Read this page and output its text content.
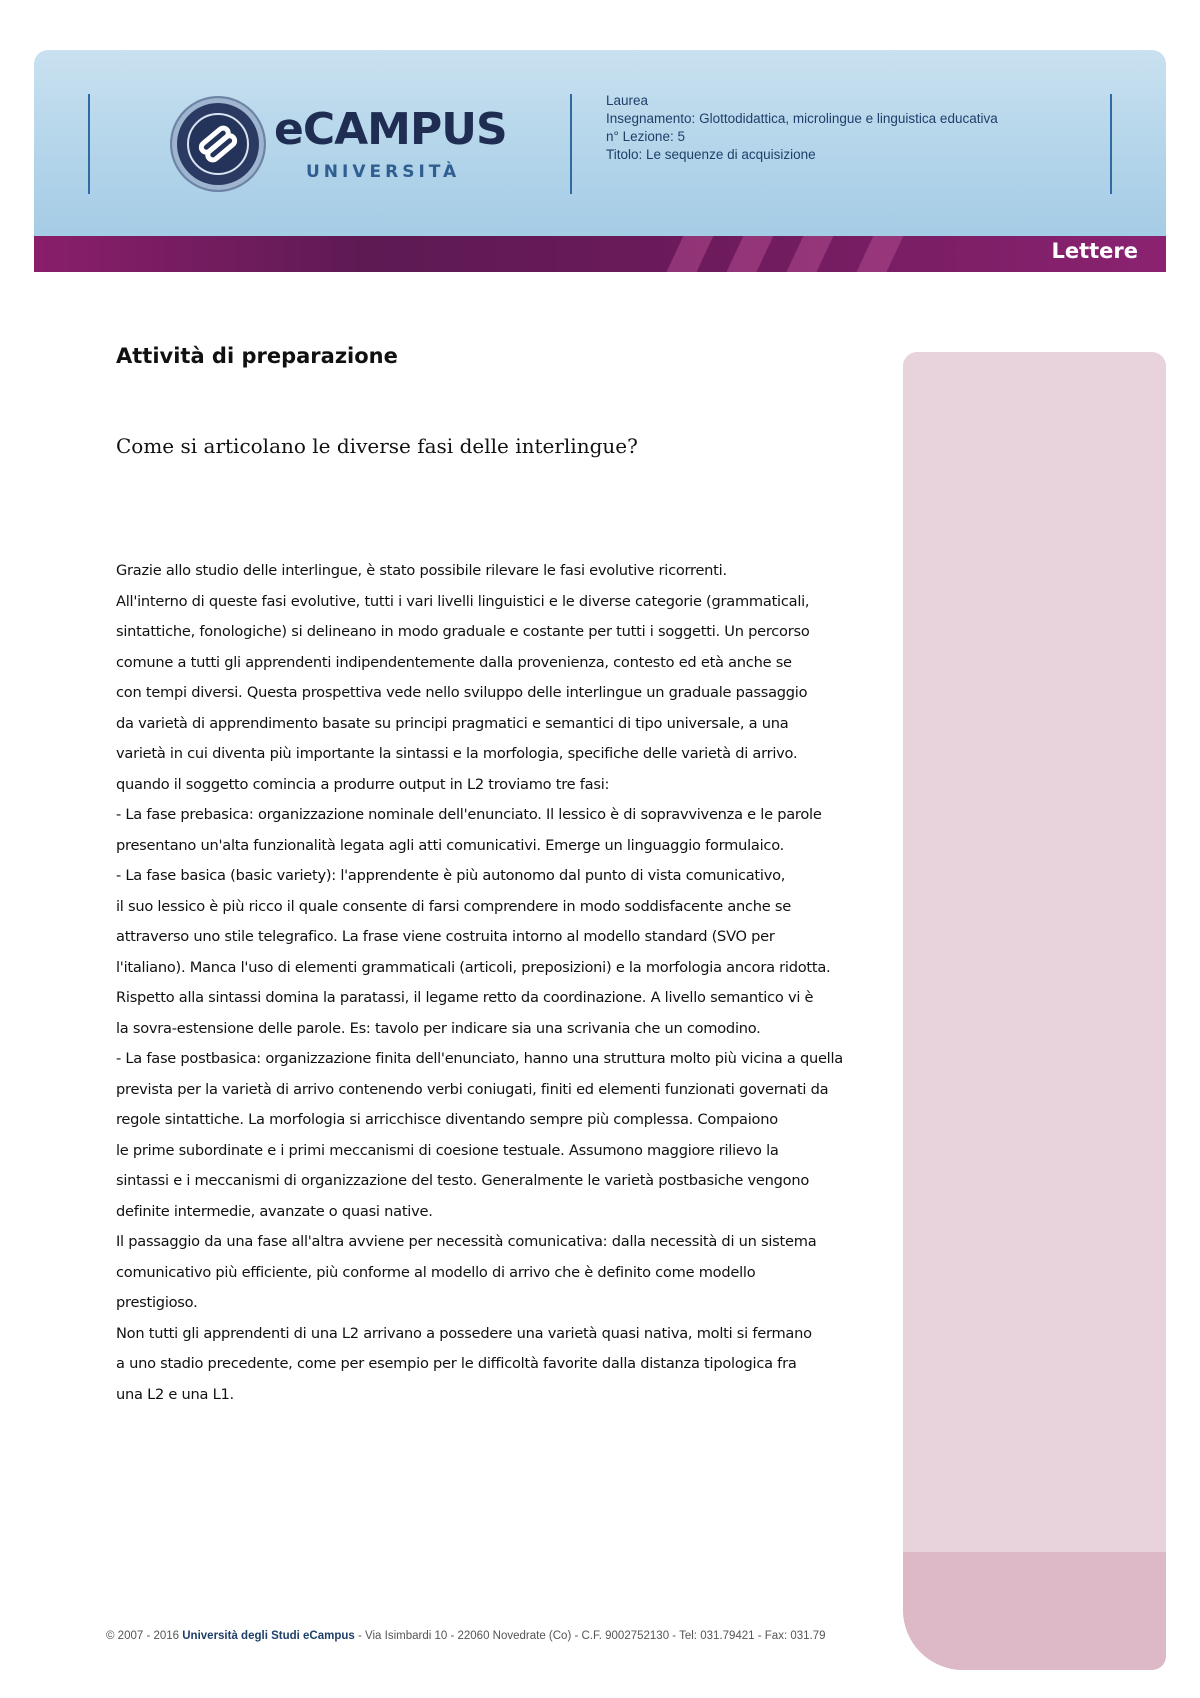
eCAMPUS
UNIVERSITÀ
Laurea
Insegnamento: Glottodidattica, microlingue e linguistica educativa
n° Lezione: 5
Titolo: Le sequenze di acquisizione
Lettere
Attività di preparazione
Come si articolano le diverse fasi delle interlingue?
Grazie allo studio delle interlingue, è stato possibile rilevare le fasi evolutive ricorrenti.
All'interno di queste fasi evolutive, tutti i vari livelli linguistici e le diverse categorie (grammaticali,
sintattiche, fonologiche) si delineano in modo graduale e costante per tutti i soggetti. Un percorso
comune a tutti gli apprendenti indipendentemente dalla provenienza, contesto ed età anche se
con tempi diversi. Questa prospettiva vede nello sviluppo delle interlingue un graduale passaggio
da varietà di apprendimento basate su principi pragmatici e semantici di tipo universale, a una
varietà in cui diventa più importante la sintassi e la morfologia, specifiche delle varietà di arrivo.
quando il soggetto comincia a produrre output in L2 troviamo tre fasi:
- La fase prebasica: organizzazione nominale dell'enunciato. Il lessico è di sopravvivenza e le parole
presentano un'alta funzionalità legata agli atti comunicativi. Emerge un linguaggio formulaico.
- La fase basica (basic variety): l'apprendente è più autonomo dal punto di vista comunicativo,
il suo lessico è più ricco il quale consente di farsi comprendere in modo soddisfacente anche se
attraverso uno stile telegrafico. La frase viene costruita intorno al modello standard (SVO per
l'italiano). Manca l'uso di elementi grammaticali (articoli, preposizioni) e la morfologia ancora ridotta.
Rispetto alla sintassi domina la paratassi, il legame retto da coordinazione. A livello semantico vi è
la sovra-estensione delle parole. Es: tavolo per indicare sia una scrivania che un comodino.
- La fase postbasica: organizzazione finita dell'enunciato, hanno una struttura molto più vicina a quella
prevista per la varietà di arrivo contenendo verbi coniugati, finiti ed elementi funzionati governati da
regole sintattiche. La morfologia si arricchisce diventando sempre più complessa. Compaiono
le prime subordinate e i primi meccanismi di coesione testuale. Assumono maggiore rilievo la
sintassi e i meccanismi di organizzazione del testo. Generalmente le varietà postbasiche vengono
definite intermedie, avanzate o quasi native.
Il passaggio da una fase all'altra avviene per necessità comunicativa: dalla necessità di un sistema
comunicativo più efficiente, più conforme al modello di arrivo che è definito come modello
prestigioso.
Non tutti gli apprendenti di una L2 arrivano a possedere una varietà quasi nativa, molti si fermano
a uno stadio precedente, come per esempio per le difficoltà favorite dalla distanza tipologica fra
una L2 e una L1.
© 2007 - 2016 Università degli Studi eCampus - Via Isimbardi 10 - 22060 Novedrate (Co) - C.F. 9002752130 - Tel: 031.79421 - Fax: 031.79
